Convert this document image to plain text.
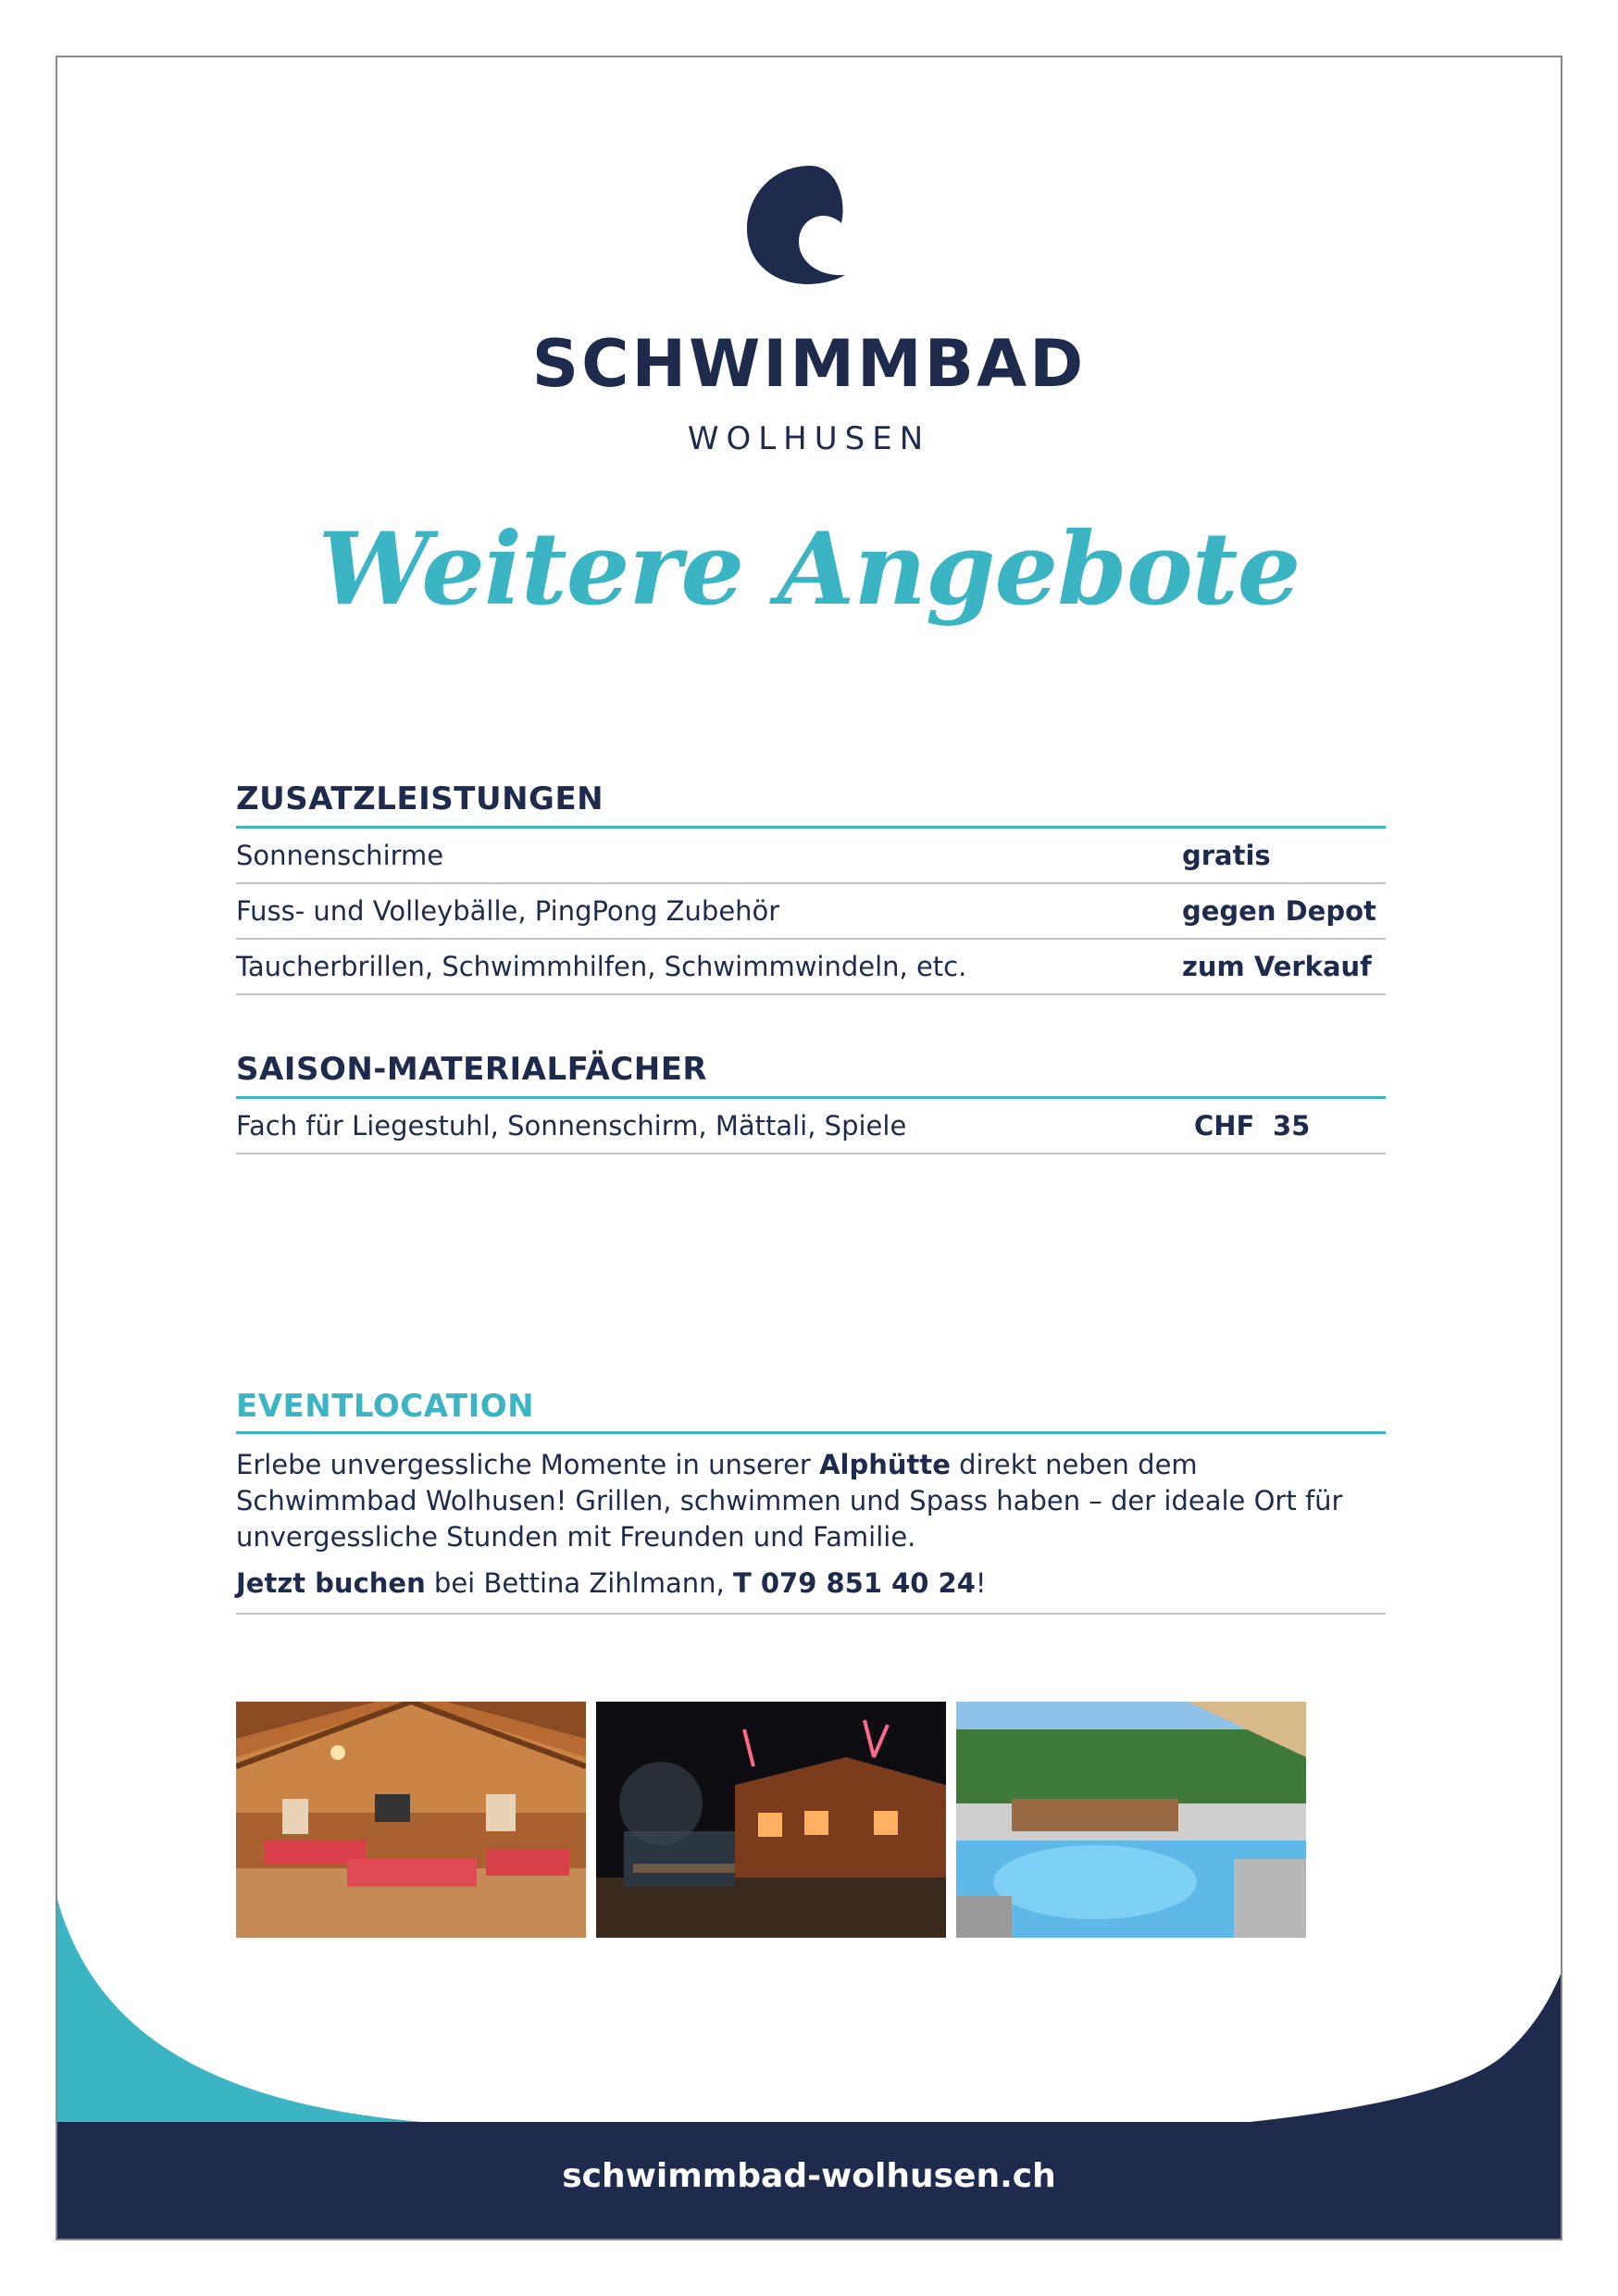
SCHWIMMBAD
WOLHUSEN
Weitere Angebote
ZUSATZLEISTUNGEN
Sonnenschirme	gratis
Fuss- und Volleybälle, PingPong Zubehör	gegen Depot
Taucherbrillen, Schwimmhilfen, Schwimmwindeln, etc.	zum Verkauf
SAISON-MATERIALFÄCHER
Fach für Liegestuhl, Sonnenschirm, Mättali, Spiele	CHF 35
EVENTLOCATION
Erlebe unvergessliche Momente in unserer Alphütte direkt neben dem Schwimmbad Wolhusen! Grillen, schwimmen und Spass haben – der ideale Ort für unvergessliche Stunden mit Freunden und Familie.
Jetzt buchen bei Bettina Zihlmann, T 079 851 40 24!
schwimmbad-wolhusen.ch
